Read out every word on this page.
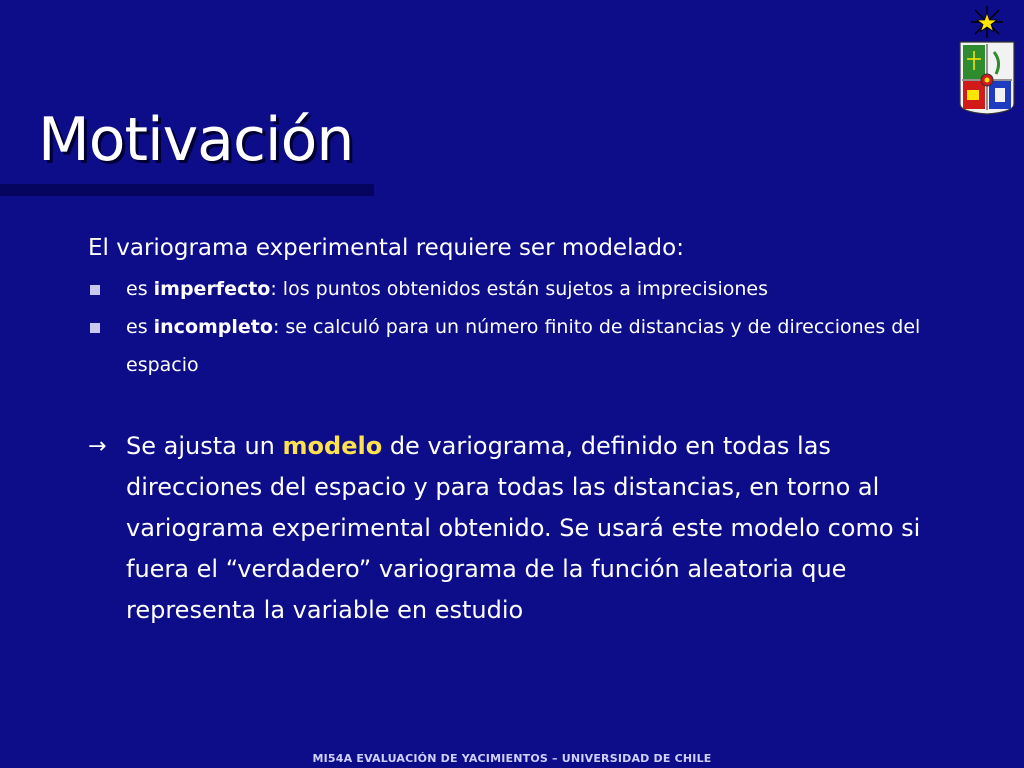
Motivación

El variograma experimental requiere ser modelado:

es imperfecto: los puntos obtenidos están sujetos a imprecisiones

es incompleto: se calculó para un número finito de distancias y de direcciones del espacio

→ Se ajusta un modelo de variograma, definido en todas las direcciones del espacio y para todas las distancias, en torno al variograma experimental obtenido. Se usará este modelo como si fuera el “verdadero” variograma de la función aleatoria que representa la variable en estudio
MI54A EVALUACIÓN DE YACIMIENTOS – UNIVERSIDAD DE CHILE
